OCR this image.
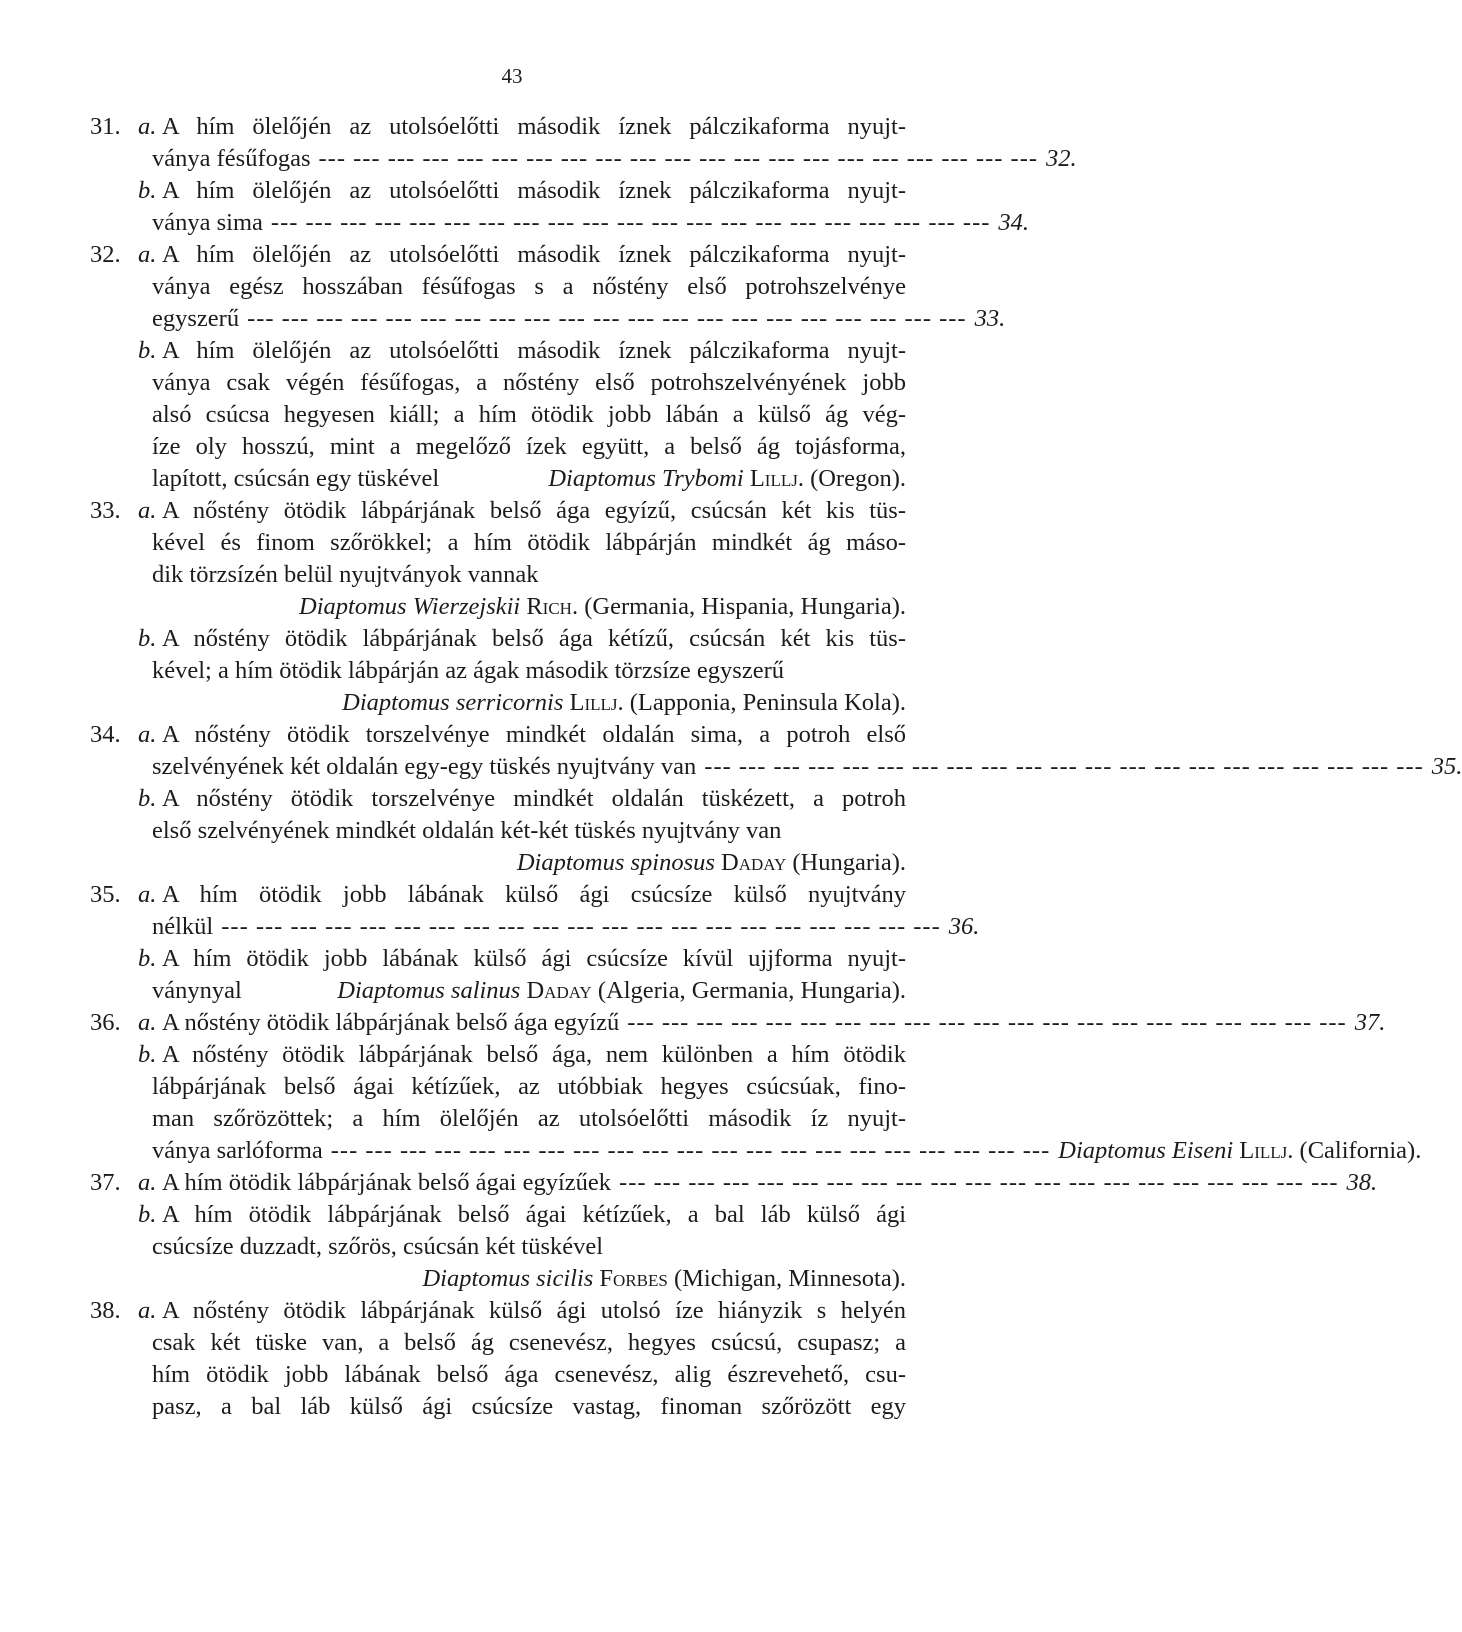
43
31. a. A hím ölelőjén az utolsóelőtti második íznek pálczikaforma nyujt-
ványa fésűfogas --- --- --- --- --- --- --- --- --- --- --- --- --- --- --- --- --- --- --- --- --- 32.
b. A hím ölelőjén az utolsóelőtti második íznek pálczikaforma nyujt-
ványa sima --- --- --- --- --- --- --- --- --- --- --- --- --- --- --- --- --- --- --- --- --- 34.
32. a. A hím ölelőjén az utolsóelőtti második íznek pálczikaforma nyujt-
ványa egész hosszában fésűfogas s a nőstény első potrohszelvénye
egyszerű --- --- --- --- --- --- --- --- --- --- --- --- --- --- --- --- --- --- --- --- --- 33.
b. A hím ölelőjén az utolsóelőtti második íznek pálczikaforma nyujt-
ványa csak végén fésűfogas, a nőstény első potrohszelvényének jobb
alsó csúcsa hegyesen kiáll; a hím ötödik jobb lábán a külső ág vég-
íze oly hosszú, mint a megelőző ízek együtt, a belső ág tojásforma,
lapított, csúcsán egy tüskével	Diaptomus Trybomi Lillj. (Oregon).
33. a. A nőstény ötödik lábpárjának belső ága egyízű, csúcsán két kis tüs-
kével és finom szőrökkel; a hím ötödik lábpárján mindkét ág máso-
dik törzsízén belül nyujtványok vannak
Diaptomus Wierzejskii Rich. (Germania, Hispania, Hungaria).
b. A nőstény ötödik lábpárjának belső ága kétízű, csúcsán két kis tüs-
kével; a hím ötödik lábpárján az ágak második törzsíze egyszerű
Diaptomus serricornis Lillj. (Lapponia, Peninsula Kola).
34. a. A nőstény ötödik torszelvénye mindkét oldalán sima, a potroh első
szelvényének két oldalán egy-egy tüskés nyujtvány van --- --- --- --- --- --- --- --- --- --- --- --- --- --- --- --- --- --- --- --- --- 35.
b. A nőstény ötödik torszelvénye mindkét oldalán tüskézett, a potroh
első szelvényének mindkét oldalán két-két tüskés nyujtvány van
Diaptomus spinosus Daday (Hungaria).
35. a. A hím ötödik jobb lábának külső ági csúcsíze külső nyujtvány
nélkül --- --- --- --- --- --- --- --- --- --- --- --- --- --- --- --- --- --- --- --- --- 36.
b. A hím ötödik jobb lábának külső ági csúcsíze kívül ujjforma nyujt-
ványnyal	Diaptomus salinus Daday (Algeria, Germania, Hungaria).
36. a. A nőstény ötödik lábpárjának belső ága egyízű --- --- --- --- --- --- --- --- --- --- --- --- --- --- --- --- --- --- --- --- --- 37.
b. A nőstény ötödik lábpárjának belső ága, nem különben a hím ötödik
lábpárjának belső ágai kétízűek, az utóbbiak hegyes csúcsúak, fino-
man szőrözöttek; a hím ölelőjén az utolsóelőtti második íz nyujt-
ványa sarlóforma --- --- --- --- --- --- --- --- --- --- --- --- --- --- --- --- --- --- --- --- --- Diaptomus Eiseni Lillj. (California).
37. a. A hím ötödik lábpárjának belső ágai egyízűek --- --- --- --- --- --- --- --- --- --- --- --- --- --- --- --- --- --- --- --- --- 38.
b. A hím ötödik lábpárjának belső ágai kétízűek, a bal láb külső ági
csúcsíze duzzadt, szőrös, csúcsán két tüskével
Diaptomus sicilis Forbes (Michigan, Minnesota).
38. a. A nőstény ötödik lábpárjának külső ági utolsó íze hiányzik s helyén
csak két tüske van, a belső ág csenevész, hegyes csúcsú, csupasz; a
hím ötödik jobb lábának belső ága csenevész, alig észrevehető, csu-
pasz, a bal láb külső ági csúcsíze vastag, finoman szőrözött egy
